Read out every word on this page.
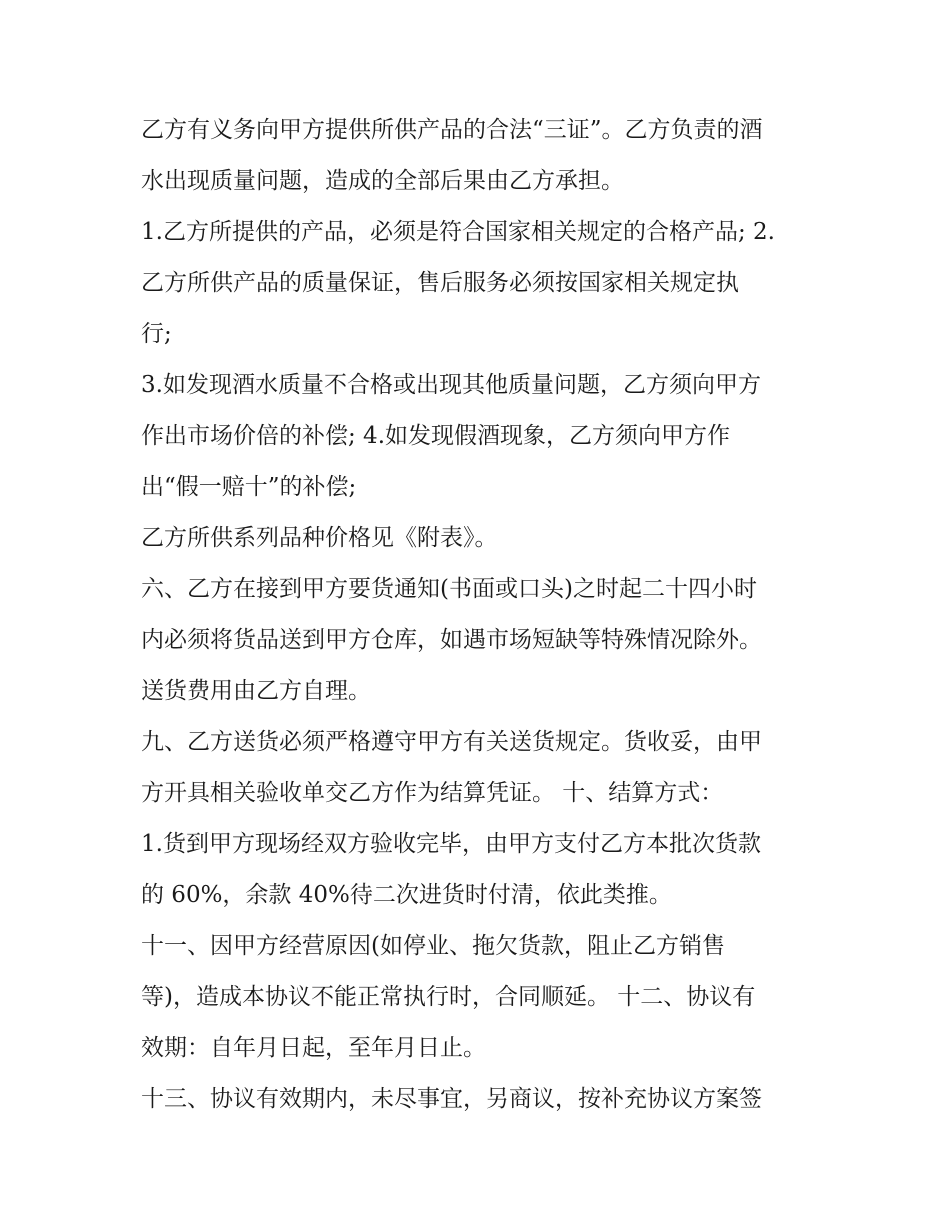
乙方有义务向甲方提供所供产品的合法“三证”。乙方负责的酒
水出现质量问题，造成的全部后果由乙方承担。
1.乙方所提供的产品，必须是符合国家相关规定的合格产品; 2.
乙方所供产品的质量保证，售后服务必须按国家相关规定执
行;
3.如发现酒水质量不合格或出现其他质量问题，乙方须向甲方
作出市场价倍的补偿; 4.如发现假酒现象，乙方须向甲方作
出“假一赔十”的补偿;
乙方所供系列品种价格见《附表》。
六、乙方在接到甲方要货通知(书面或口头)之时起二十四小时
内必须将货品送到甲方仓库，如遇市场短缺等特殊情况除外。
送货费用由乙方自理。
九、乙方送货必须严格遵守甲方有关送货规定。货收妥，由甲
方开具相关验收单交乙方作为结算凭证。 十、结算方式：
1.货到甲方现场经双方验收完毕，由甲方支付乙方本批次货款
的 60%，余款 40%待二次进货时付清，依此类推。
十一、因甲方经营原因(如停业、拖欠货款，阻止乙方销售
等)，造成本协议不能正常执行时，合同顺延。 十二、协议有
效期：自年月日起，至年月日止。
十三、协议有效期内，未尽事宜，另商议，按补充协议方案签
